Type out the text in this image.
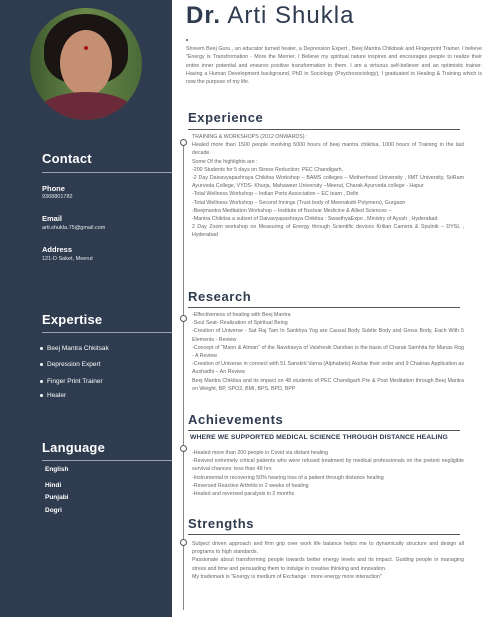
Contact
Phone
9368801782
Email
arti.shukla.75@gmail.com
Address
121-D Saket, Meerut
Expertise
Beej Mantra Chkitsak
Depression Expert
Finger Print Trainer
Healer
Language
English
Hindi
Punjabi
Dogri
Dr. Arti Shukla
Shreem Beej Guru , an educator turned healer, a Depression Expert , Beej Mantra Chikitsak and Fingerprint Trainer. I believe "Energy is Transformation - More the Merrier. I Believe my spiritual nature inspires and encourages people to realize their entire inner potential and ensures positive transformation in them. I am a virtuous self-believer and an optimistic trainer. Having a Human Development background, PhD in Sociology (Psychosociology), I graduated to Healing & Training which is now the purpose of my life.
Experience

TRAINING & WORKSHOPS (2012 ONWARDS) :

Healed more than 1500 people involving 5000 hours of beej mantra chikitsa, 1000 hours of Training in the last decade.

Some Of the highlights are :

-200 Students for 5 days on Stress Reduction: PEC Chandigarh,

-2 Day Daivavyapashraya Chikitsa Workshop – BAMS colleges – Motherhood University , IIMT University, SriRam Ayurveda College, VYDS- Khurja, Mahaweer University –Meerut, Charak Ayurveda college - Hapur

-Total Wellness Workshop – Indian Ports Association – EC team , Delhi

-Total Wellness Workshop – Second Innings (Trust body of Meenakshi Polymers), Gurgaon

-Beejmantra Meditation Workshop – Institute of Nuclear Medicine & Allied Sciences –

-Mantra Chikitsa a subset of Daivavyapashraya Chikitsa : SwasthyaExpo , Ministry of Ayush , Hyderabad

2 Day Zoom workshop on Measuring of Energy through Scientific devices Krilian Camera & Sputnik – DYSL , Hyderabad

Research

-Effectiveness of healing with Beej Mantra

-Soul Seat- Realization of Spiritual Being

-Creation of Universe - Sat Raj Tam In Sankhya Yog are Causal Body Subtle Body and Gross Body, Each With 5 Elements - Review

-Concept of "Mann & Atman" of the Navdravya of Vaishesik Darshan is the basis of Charak Samhita for Manas Rog - A Review

-Creation of Universe in connect with 51 Sanskrit Varna (Alphabets) Akshar their order and 9 Chakras Application as Aushadhi – An Review

Beej Mantra Chikitsa and its impact on 48 students of PEC Chandigarh Pre & Post Meditation through Beej Mantra on Weight, BP, SPO2, BMI, BPS, BPD, BPP

Achievements
WHERE WE SUPPORTED MEDICAL SCIENCE THROUGH DISTANCE HEALING

-Healed more than 200 people in Covid via distant healing

-Revived extremely critical patients who were refused treatment by medical professionals on the pretext negligible survival chances: less than 48 hrs

-Instrumental in recovering 50% hearing loss of a patient through distance healing

-Reversed Reactive Arthritis in 2 weeks of healing

-Healed and reversed paralysis in 2 months

Strengths

Subject driven approach and firm grip over work life balance helps me to dynamically structure and design all programs to high standards.

Passionate about transforming people towards better energy levels and its impact. Guiding people in managing stress and time and persuading them to indulge in creative thinking and innovation.

My trademark is "Energy is medium of Exchange : more energy more interaction"
